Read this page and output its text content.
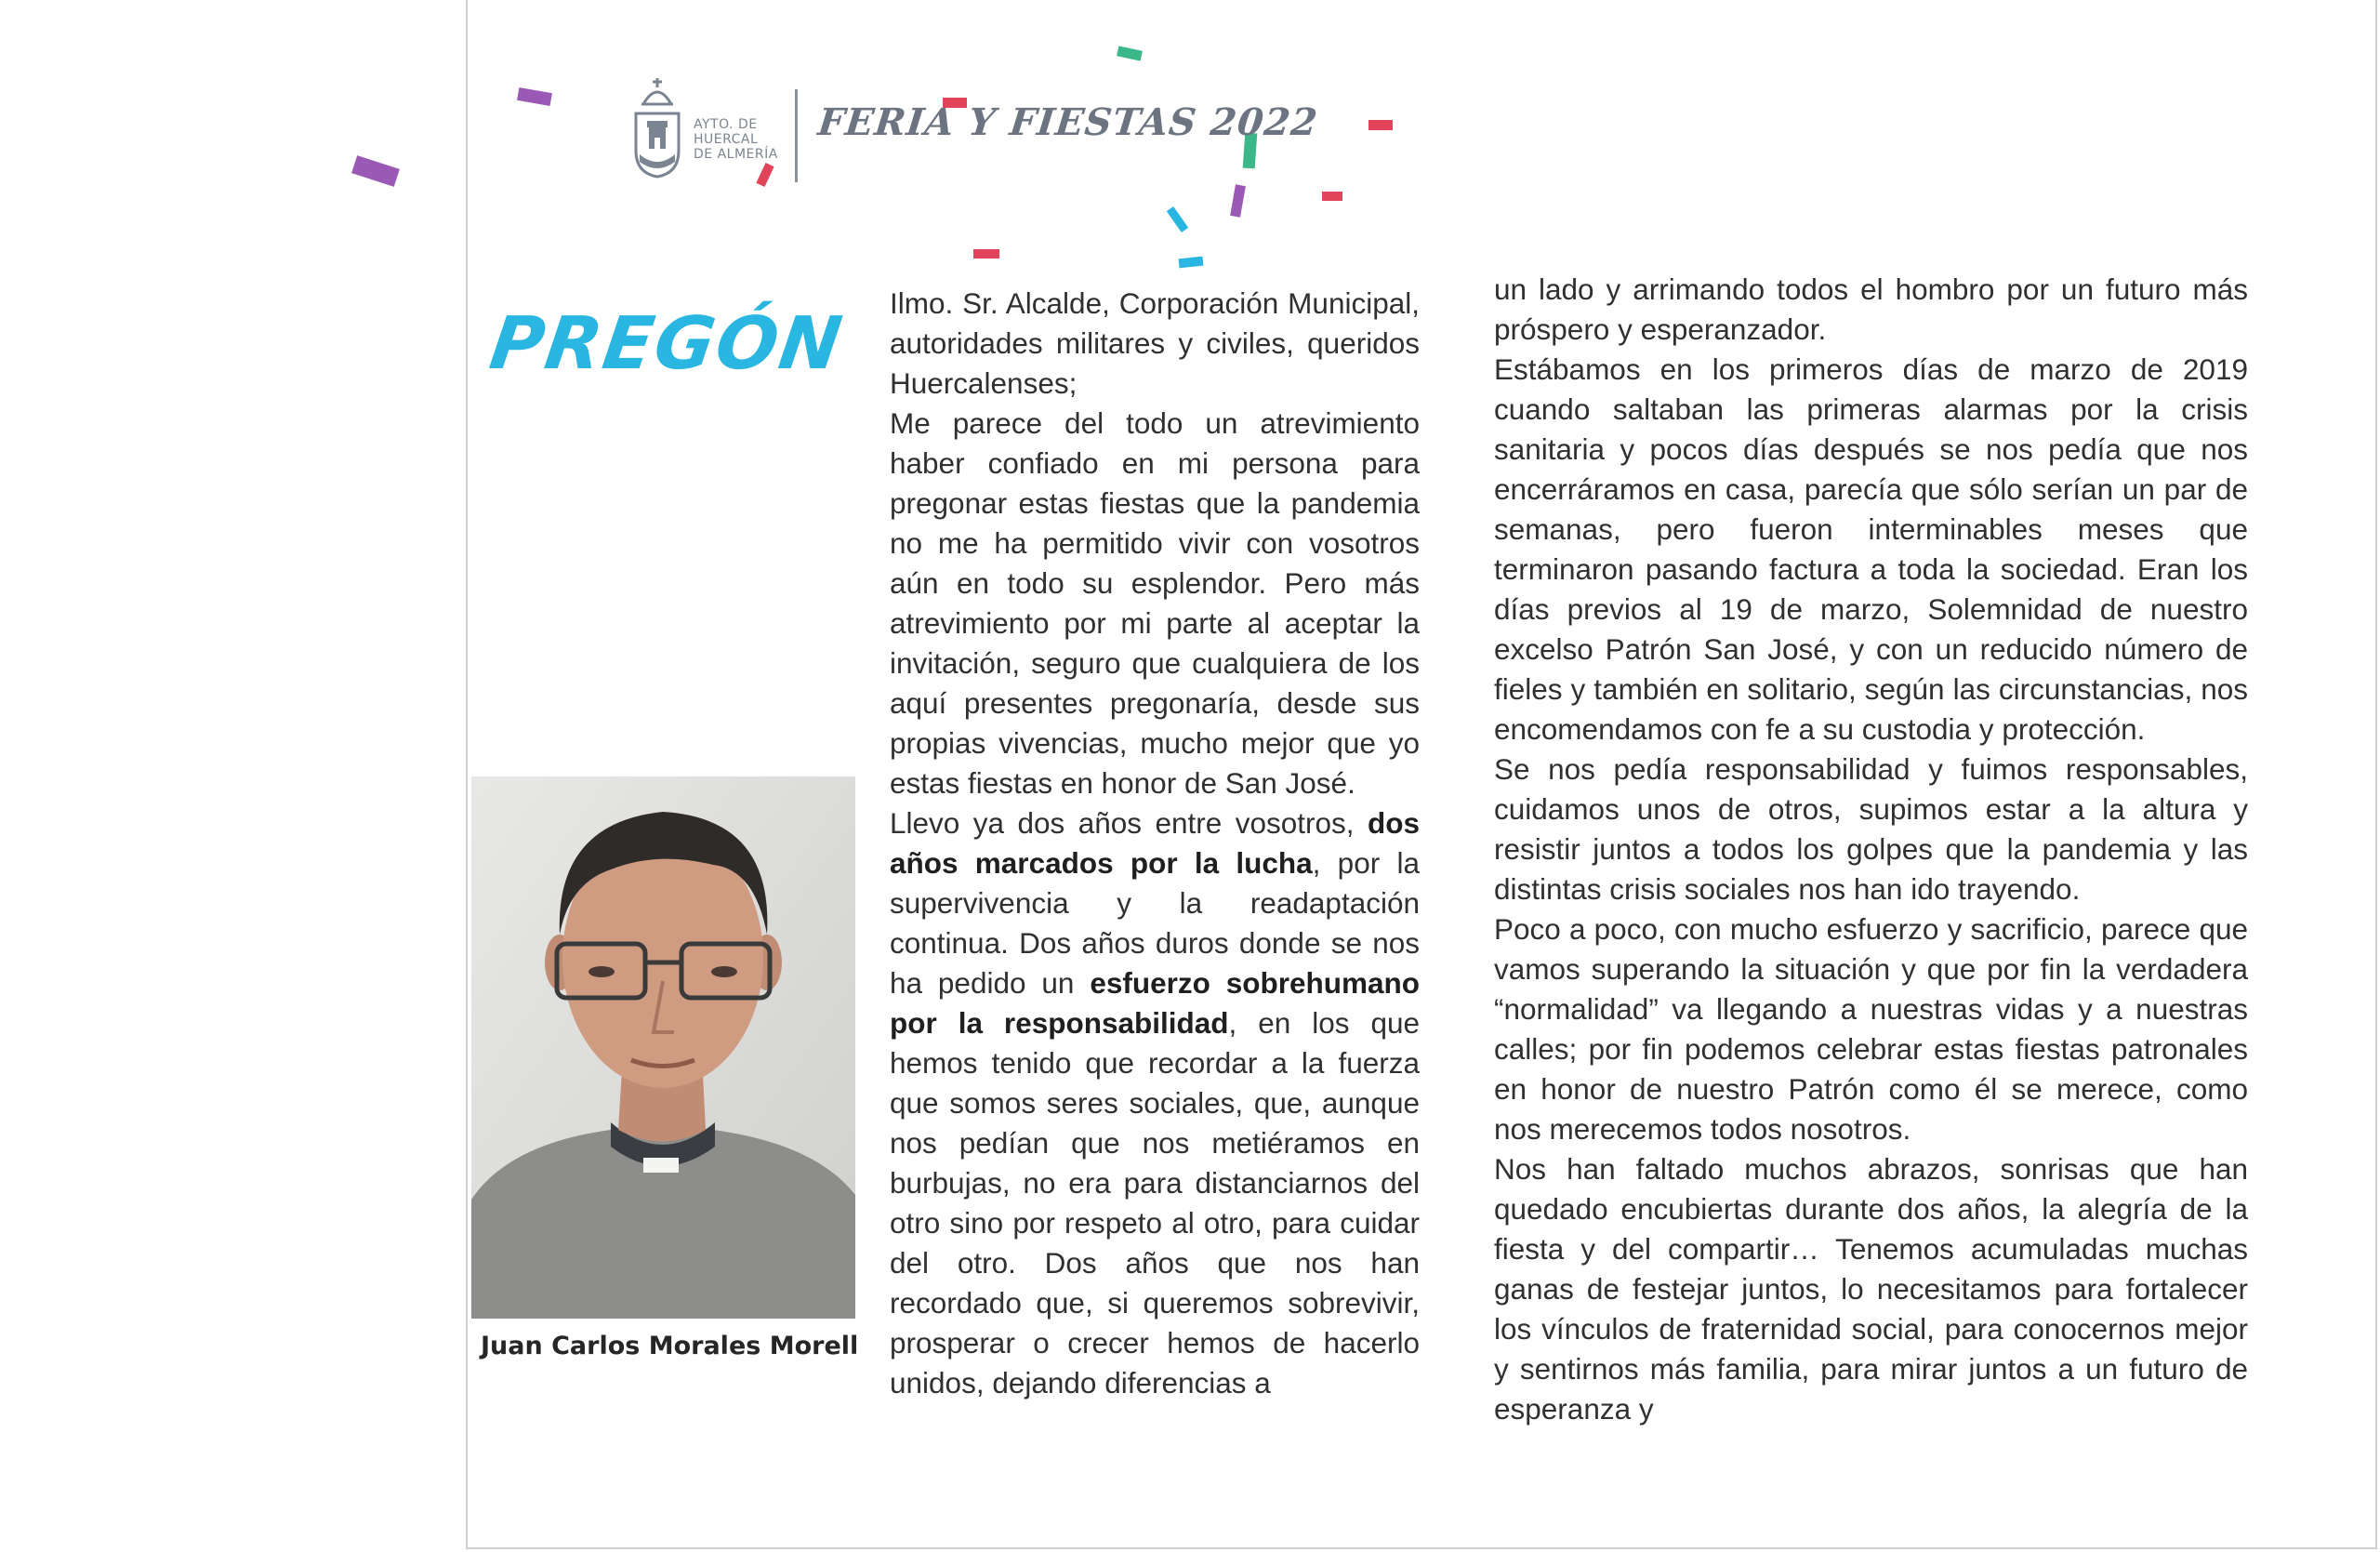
AYTO. DE
HUERCAL
DE ALMERÍA
FERIA Y FIESTAS 2022
PREGÓN
Juan Carlos Morales Morell

Ilmo. Sr. Alcalde, Corporación Municipal, autoridades militares y civiles, queridos Huercalenses;

Me parece del todo un atrevimiento haber confiado en mi persona para pregonar estas fiestas que la pandemia no me ha permitido vivir con vosotros aún en todo su esplendor. Pero más atrevimiento por mi parte al aceptar la invitación, seguro que cualquiera de los aquí presentes pregonaría, desde sus propias vivencias, mucho mejor que yo estas fiestas en honor de San José.

Llevo ya dos años entre vosotros, dos años marcados por la lucha, por la supervivencia y la readaptación continua. Dos años duros donde se nos ha pedido un esfuerzo sobrehumano por la responsabilidad, en los que hemos tenido que recordar a la fuerza que somos seres sociales, que, aunque nos pedían que nos metiéramos en burbujas, no era para distanciarnos del otro sino por respeto al otro, para cuidar del otro. Dos años que nos han recordado que, si queremos sobrevivir, prosperar o crecer hemos de hacerlo unidos, dejando diferencias a

un lado y arrimando todos el hombro por un futuro más próspero y esperanzador.

Estábamos en los primeros días de marzo de 2019 cuando saltaban las primeras alarmas por la crisis sanitaria y pocos días después se nos pedía que nos encerráramos en casa, parecía que sólo serían un par de semanas, pero fueron interminables meses que terminaron pasando factura a toda la sociedad. Eran los días previos al 19 de marzo, Solemnidad de nuestro excelso Patrón San José, y con un reducido número de fieles y también en solitario, según las circunstancias, nos encomendamos con fe a su custodia y protección.

Se nos pedía responsabilidad y fuimos responsables, cuidamos unos de otros, supimos estar a la altura y resistir juntos a todos los golpes que la pandemia y las distintas crisis sociales nos han ido trayendo.

Poco a poco, con mucho esfuerzo y sacrificio, parece que vamos superando la situación y que por fin la verdadera “normalidad” va llegando a nuestras vidas y a nuestras calles; por fin podemos celebrar estas fiestas patronales en honor de nuestro Patrón como él se merece, como nos merecemos todos nosotros.

Nos han faltado muchos abrazos, sonrisas que han quedado encubiertas durante dos años, la alegría de la fiesta y del compartir… Tenemos acumuladas muchas ganas de festejar juntos, lo necesitamos para fortalecer los vínculos de fraternidad social, para conocernos mejor y sentirnos más familia, para mirar juntos a un futuro de esperanza y
